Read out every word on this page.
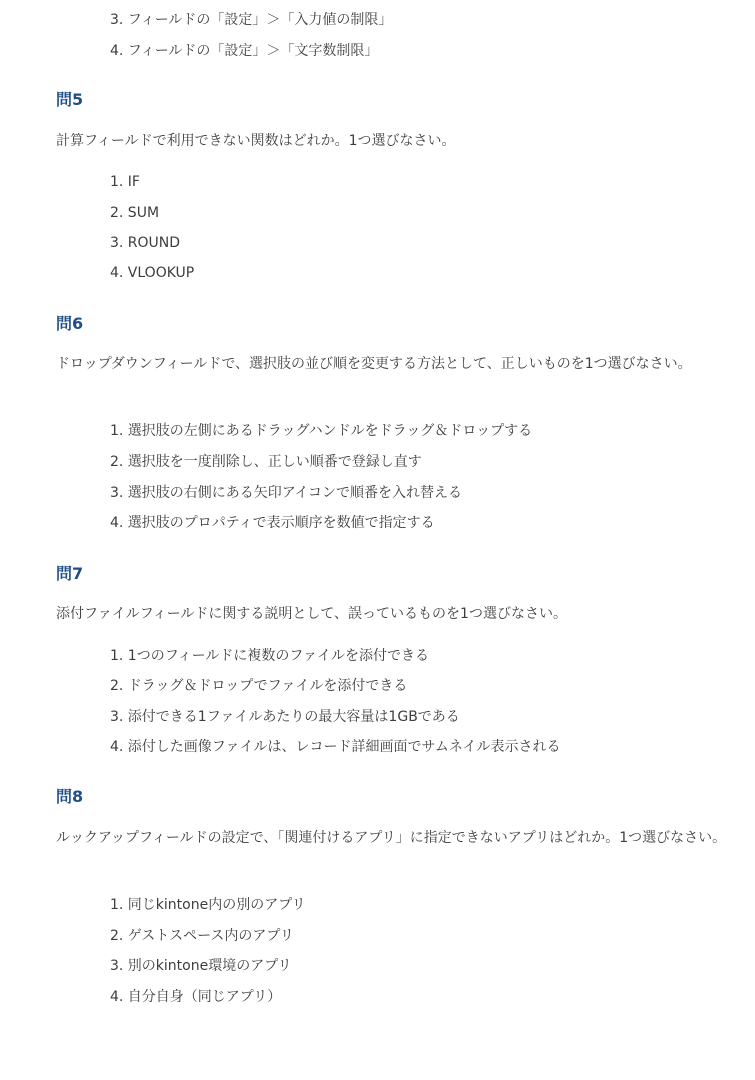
3. フィールドの「設定」＞「入力値の制限」
4. フィールドの「設定」＞「文字数制限」
問5
計算フィールドで利用できない関数はどれか。1つ選びなさい。
1. IF
2. SUM
3. ROUND
4. VLOOKUP
問6
ドロップダウンフィールドで、選択肢の並び順を変更する方法として、正しいものを1つ選びなさい。
1. 選択肢の左側にあるドラッグハンドルをドラッグ＆ドロップする
2. 選択肢を一度削除し、正しい順番で登録し直す
3. 選択肢の右側にある矢印アイコンで順番を入れ替える
4. 選択肢のプロパティで表示順序を数値で指定する
問7
添付ファイルフィールドに関する説明として、誤っているものを1つ選びなさい。
1. 1つのフィールドに複数のファイルを添付できる
2. ドラッグ＆ドロップでファイルを添付できる
3. 添付できる1ファイルあたりの最大容量は1GBである
4. 添付した画像ファイルは、レコード詳細画面でサムネイル表示される
問8
ルックアップフィールドの設定で、「関連付けるアプリ」に指定できないアプリはどれか。1つ選びなさい。
1. 同じkintone内の別のアプリ
2. ゲストスペース内のアプリ
3. 別のkintone環境のアプリ
4. 自分自身（同じアプリ）
